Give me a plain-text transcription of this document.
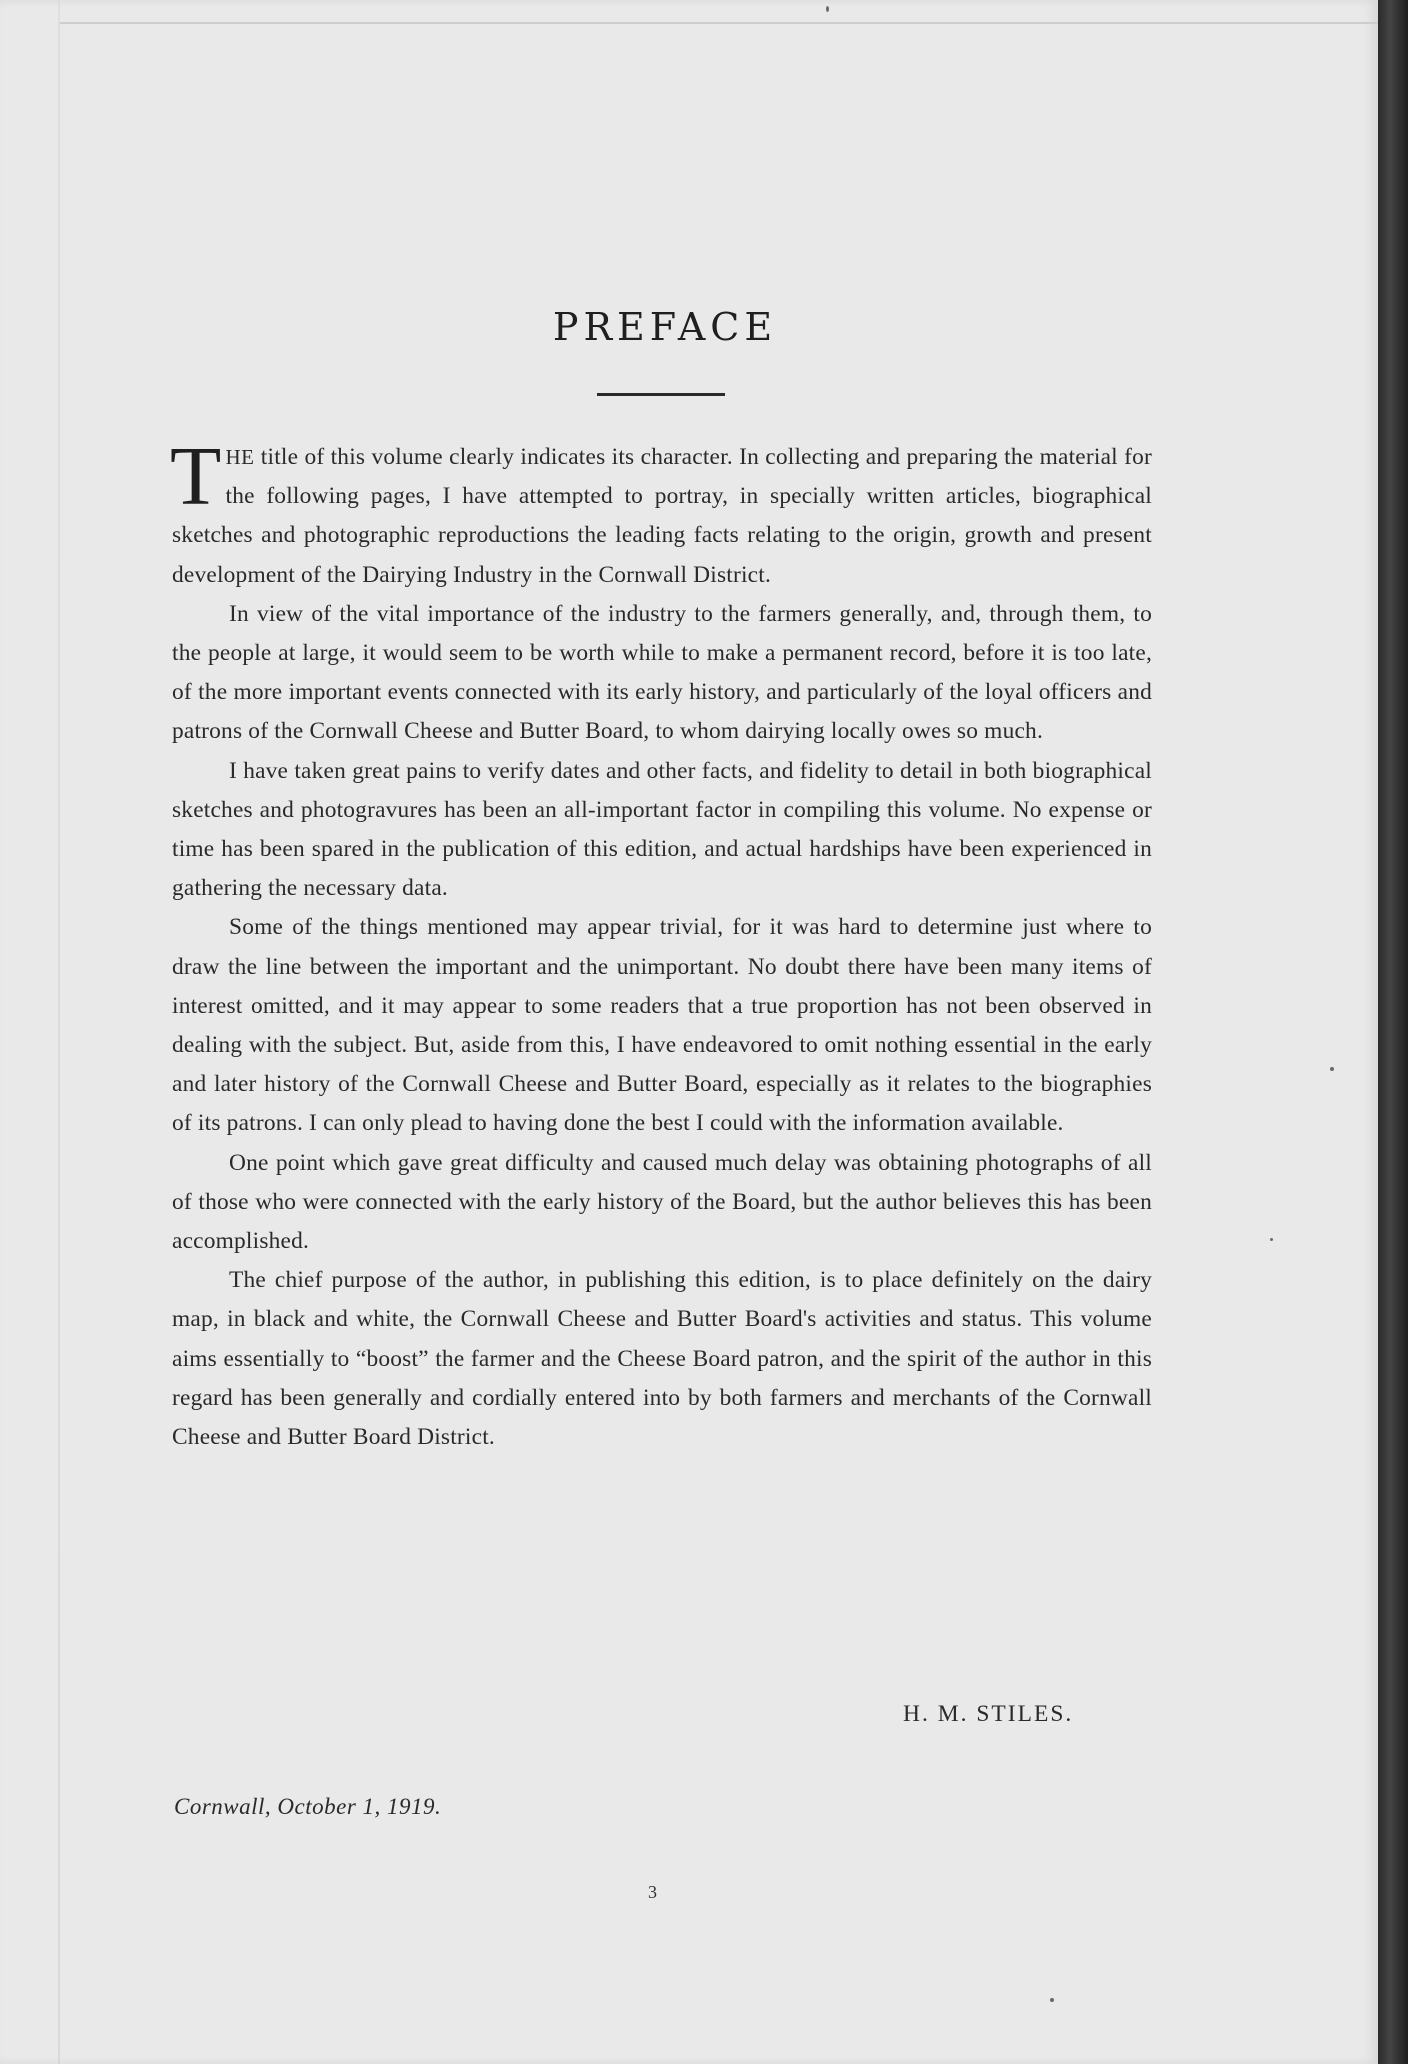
PREFACE

THE title of this volume clearly indicates its character. In collecting and preparing the material for the following pages, I have attempted to portray, in specially written articles, biographical sketches and photographic reproductions the leading facts relating to the origin, growth and present development of the Dairying Industry in the Cornwall District.

In view of the vital importance of the industry to the farmers generally, and, through them, to the people at large, it would seem to be worth while to make a permanent record, before it is too late, of the more important events connected with its early history, and particularly of the loyal officers and patrons of the Cornwall Cheese and Butter Board, to whom dairying locally owes so much.

I have taken great pains to verify dates and other facts, and fidelity to detail in both biographical sketches and photogravures has been an all-important factor in compiling this volume. No expense or time has been spared in the publication of this edition, and actual hardships have been experienced in gathering the necessary data.

Some of the things mentioned may appear trivial, for it was hard to determine just where to draw the line between the important and the unimportant. No doubt there have been many items of interest omitted, and it may appear to some readers that a true proportion has not been observed in dealing with the subject. But, aside from this, I have endeavored to omit nothing essential in the early and later history of the Cornwall Cheese and Butter Board, especially as it relates to the biographies of its patrons. I can only plead to having done the best I could with the information available.

One point which gave great difficulty and caused much delay was obtaining photographs of all of those who were connected with the early history of the Board, but the author believes this has been accomplished.

The chief purpose of the author, in publishing this edition, is to place definitely on the dairy map, in black and white, the Cornwall Cheese and Butter Board's activities and status. This volume aims essentially to “boost” the farmer and the Cheese Board patron, and the spirit of the author in this regard has been generally and cordially entered into by both farmers and merchants of the Cornwall Cheese and Butter Board District.

H. M. STILES.
Cornwall, October 1, 1919.
3
